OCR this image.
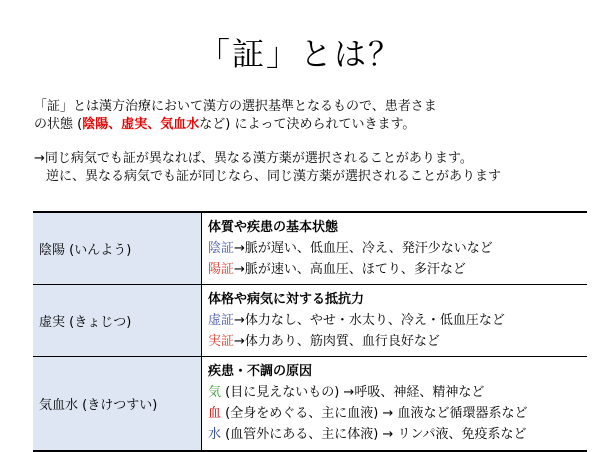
「証」とは？
「証」とは漢方治療において漢方の選択基準となるもので、患者さま
の状態 (陰陽、虚実、気血水など) によって決められていきます。
→同じ病気でも証が異なれば、異なる漢方薬が選択されることがあります。
逆に、異なる病気でも証が同じなら、同じ漢方薬が選択されることがあります
陰陽 (いんよう)	体質や疾患の基本状態
陰証→脈が遅い、低血圧、冷え、発汗少ないなど
陽証→脈が速い、高血圧、ほてり、多汗など

虚実 (きょじつ)	体格や病気に対する抵抗力
虚証→体力なし、やせ・水太り、冷え・低血圧など
実証→体力あり、筋肉質、血行良好など

気血水 (きけつすい)	疾患・不調の原因
気 (目に見えないもの) →呼吸、神経、精神など
血 (全身をめぐる、主に血液) → 血液など循環器系など
水 (血管外にある、主に体液) → リンパ液、免疫系など
